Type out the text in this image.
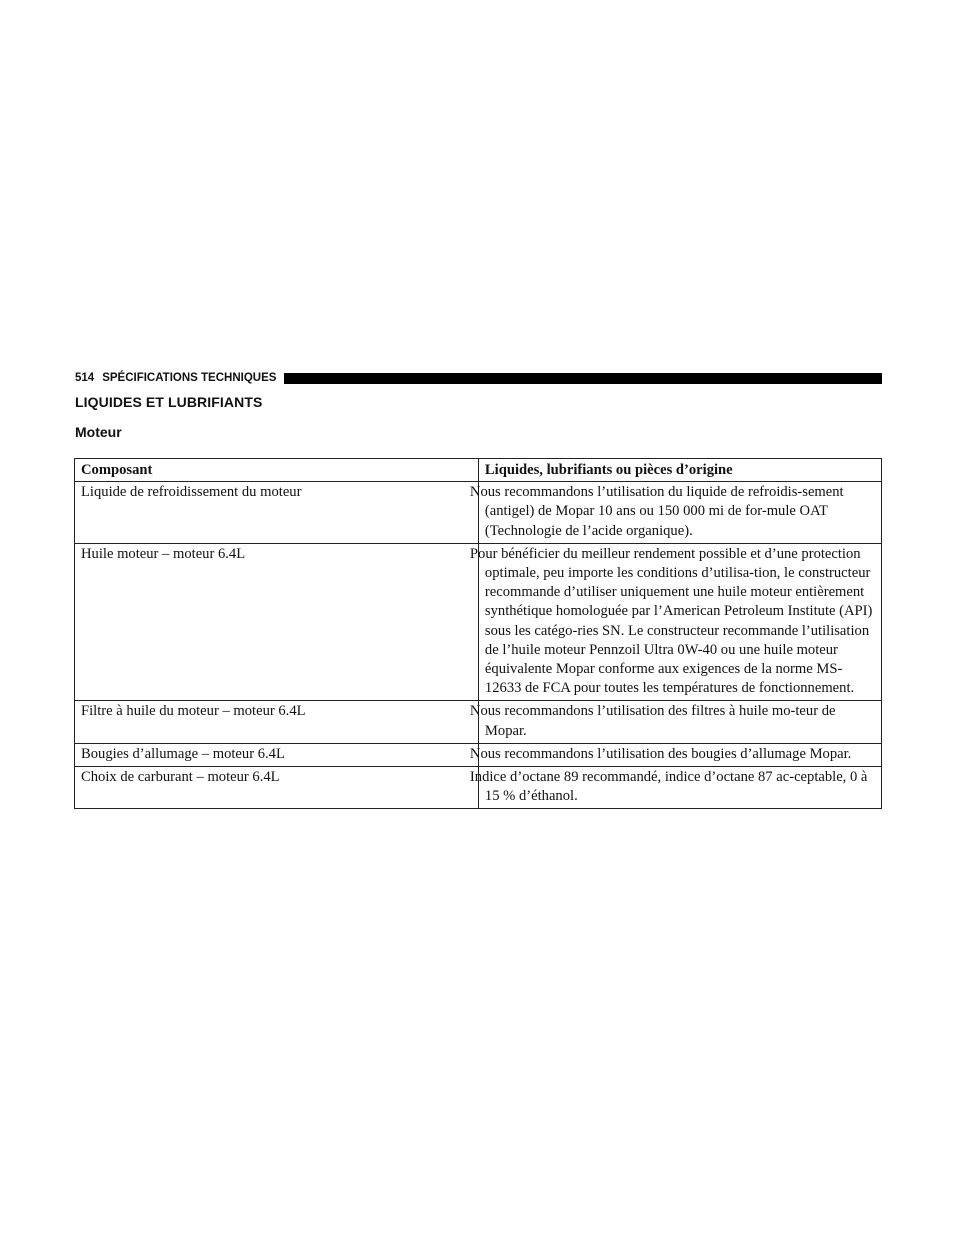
514 SPÉCIFICATIONS TECHNIQUES
LIQUIDES ET LUBRIFIANTS
Moteur
Composant	Liquides, lubrifiants ou pièces d’origine
Liquide de refroidissement du moteur	Nous recommandons l’utilisation du liquide de refroidis-sement (antigel) de Mopar 10 ans ou 150 000 mi de for-mule OAT (Technologie de l’acide organique).
Huile moteur – moteur 6.4L	Pour bénéficier du meilleur rendement possible et d’une protection optimale, peu importe les conditions d’utilisa-tion, le constructeur recommande d’utiliser uniquement une huile moteur entièrement synthétique homologuée par l’American Petroleum Institute (API) sous les catégo-ries SN. Le constructeur recommande l’utilisation de l’huile moteur Pennzoil Ultra 0W-40 ou une huile moteur équivalente Mopar conforme aux exigences de la norme MS-12633 de FCA pour toutes les températures de fonctionnement.
Filtre à huile du moteur – moteur 6.4L	Nous recommandons l’utilisation des filtres à huile mo-teur de Mopar.
Bougies d’allumage – moteur 6.4L	Nous recommandons l’utilisation des bougies d’allumage Mopar.
Choix de carburant – moteur 6.4L	Indice d’octane 89 recommandé, indice d’octane 87 ac-ceptable, 0 à 15 % d’éthanol.
